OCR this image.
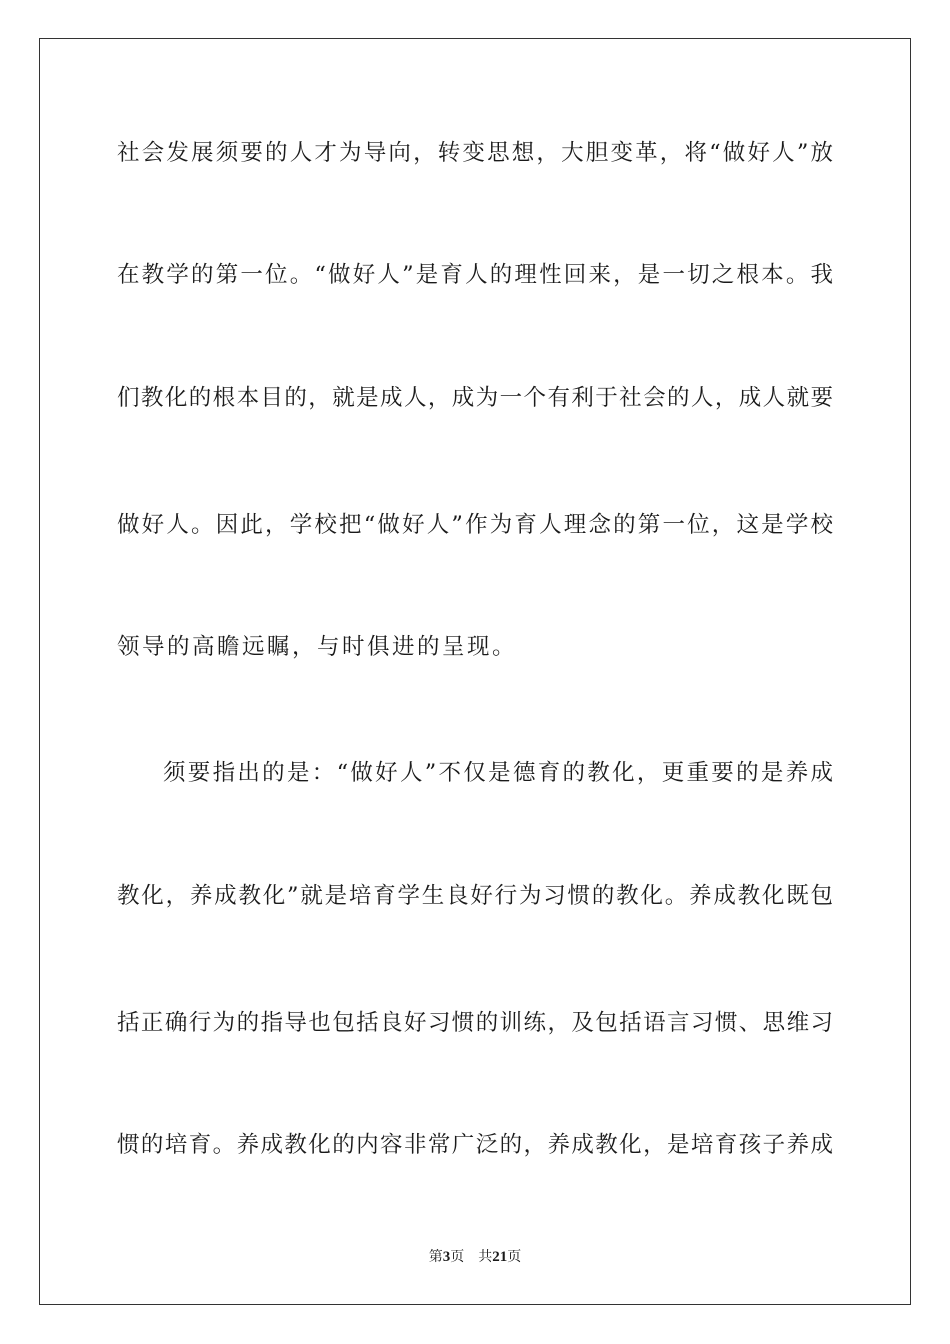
社会发展须要的人才为导向，转变思想，大胆变革，将“做好人”放
在教学的第一位。“做好人”是育人的理性回来，是一切之根本。我
们教化的根本目的，就是成人，成为一个有利于社会的人，成人就要
做好人。因此，学校把“做好人”作为育人理念的第一位，这是学校
领导的高瞻远瞩，与时俱进的呈现。
须要指出的是：“做好人”不仅是德育的教化，更重要的是养成
教化，养成教化”就是培育学生良好行为习惯的教化。养成教化既包
括正确行为的指导也包括良好习惯的训练，及包括语言习惯、思维习
惯的培育。养成教化的内容非常广泛的，养成教化，是培育孩子养成
第3页 共21页
